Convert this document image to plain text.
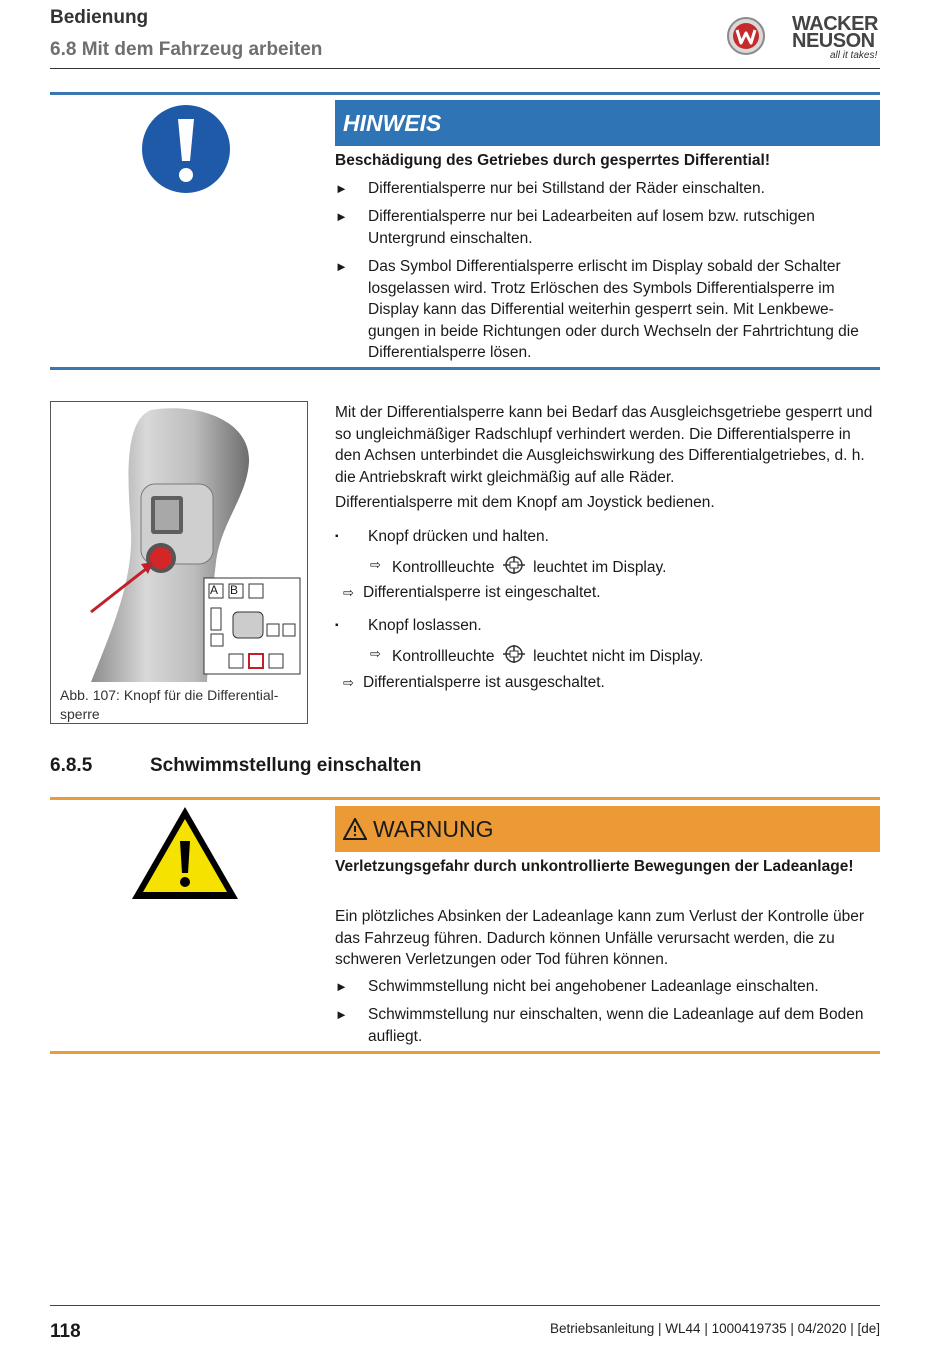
Bedienung
6.8 Mit dem Fahrzeug arbeiten
WACKER
NEUSON
all it takes!
HINWEIS
Beschädigung des Getriebes durch gesperrtes Differential!
► Differentialsperre nur bei Stillstand der Räder einschalten.
► Differentialsperre nur bei Ladearbeiten auf losem bzw. rutschigen Untergrund einschalten.
► Das Symbol Differentialsperre erlischt im Display sobald der Schalter losgelassen wird. Trotz Erlöschen des Symbols Differentialsperre im Display kann das Differential weiterhin gesperrt sein. Mit Lenkbewegungen in beide Richtungen oder durch Wechseln der Fahrtrichtung die Differentialsperre lösen.
A B
Abb. 107: Knopf für die Differential-
sperre
Mit der Differentialsperre kann bei Bedarf das Ausgleichsgetriebe gesperrt und so ungleichmäßiger Radschlupf verhindert werden. Die Differentialsperre in den Achsen unterbindet die Ausgleichswirkung des Differentialgetriebes, d. h. die Antriebskraft wirkt gleichmäßig auf alle Räder.
Differentialsperre mit dem Knopf am Joystick bedienen.
▪ Knopf drücken und halten.
⇨ Kontrollleuchte leuchtet im Display.
⇨ Differentialsperre ist eingeschaltet.
▪ Knopf loslassen.
⇨ Kontrollleuchte leuchtet nicht im Display.
⇨ Differentialsperre ist ausgeschaltet.
6.8.5	Schwimmstellung einschalten
WARNUNG
Verletzungsgefahr durch unkontrollierte Bewegungen der Ladeanlage!
Ein plötzliches Absinken der Ladeanlage kann zum Verlust der Kontrolle über das Fahrzeug führen. Dadurch können Unfälle verursacht werden, die zu schweren Verletzungen oder Tod führen können.
► Schwimmstellung nicht bei angehobener Ladeanlage einschalten.
► Schwimmstellung nur einschalten, wenn die Ladeanlage auf dem Boden aufliegt.
118	Betriebsanleitung | WL44 | 1000419735 | 04/2020 | [de]
